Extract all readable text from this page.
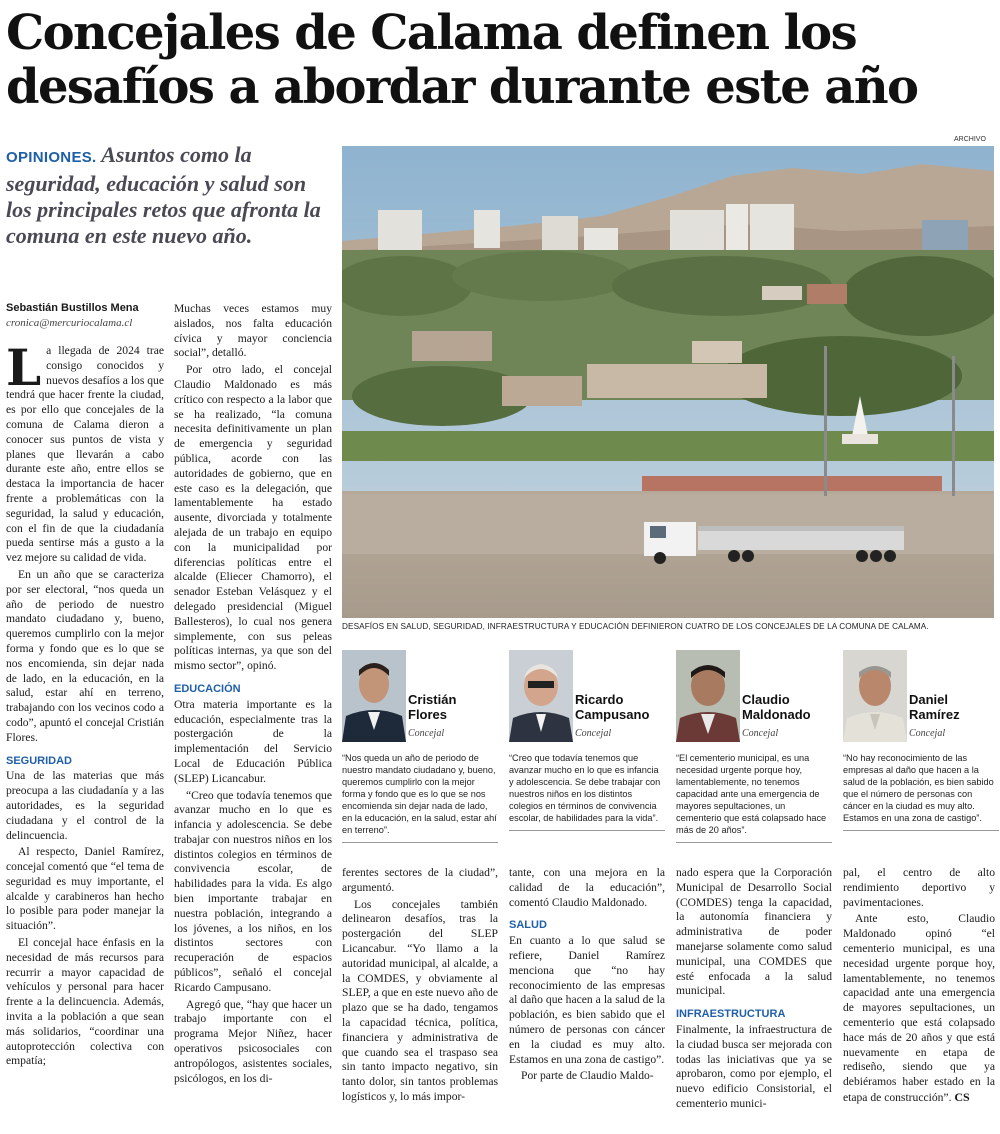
Concejales de Calama definen los desafíos a abordar durante este año
OPINIONES. Asuntos como la seguridad, educación y salud son los principales retos que afronta la comuna en este nuevo año.
Sebastián Bustillos Mena
cronica@mercuriocalama.cl

La llegada de 2024 trae consigo conocidos y nuevos desafíos a los que tendrá que hacer frente la ciudad, es por ello que concejales de la comuna de Calama dieron a conocer sus puntos de vista y planes que llevarán a cabo durante este año, entre ellos se destaca la importancia de hacer frente a problemáticas con la seguridad, la salud y educación, con el fin de que la ciudadanía pueda sentirse más a gusto a la vez mejore su calidad de vida.

En un año que se caracteriza por ser electoral, “nos queda un año de periodo de nuestro mandato ciudadano y, bueno, queremos cumplirlo con la mejor forma y fondo que es lo que se nos encomienda, sin dejar nada de lado, en la educación, en la salud, estar ahí en terreno, trabajando con los vecinos codo a codo”, apuntó el concejal Cristián Flores.

SEGURIDAD

Una de las materias que más preocupa a las ciudadanía y a las autoridades, es la seguridad ciudadana y el control de la delincuencia.

Al respecto, Daniel Ramírez, concejal comentó que “el tema de seguridad es muy importante, el alcalde y carabineros han hecho lo posible para poder manejar la situación”.

El concejal hace énfasis en la necesidad de más recursos para recurrir a mayor capacidad de vehículos y personal para hacer frente a la delincuencia. Además, invita a la población a que sean más solidarios, “coordinar una autoprotección colectiva con empatía;

Muchas veces estamos muy aislados, nos falta educación cívica y mayor conciencia social”, detalló.

Por otro lado, el concejal Claudio Maldonado es más crítico con respecto a la labor que se ha realizado, “la comuna necesita definitivamente un plan de emergencia y seguridad pública, acorde con las autoridades de gobierno, que en este caso es la delegación, que lamentablemente ha estado ausente, divorciada y totalmente alejada de un trabajo en equipo con la municipalidad por diferencias políticas entre el alcalde (Eliecer Chamorro), el senador Esteban Velásquez y el delegado presidencial (Miguel Ballesteros), lo cual nos genera simplemente, con sus peleas políticas internas, ya que son del mismo sector”, opinó.

EDUCACIÓN

Otra materia importante es la educación, especialmente tras la postergación de la implementación del Servicio Local de Educación Pública (SLEP) Licancabur.

“Creo que todavía tenemos que avanzar mucho en lo que es infancia y adolescencia. Se debe trabajar con nuestros niños en los distintos colegios en términos de convivencia escolar, de habilidades para la vida. Es algo bien importante trabajar en nuestra población, integrando a los jóvenes, a los niños, en los distintos sectores con recuperación de espacios públicos”, señaló el concejal Ricardo Campusano.

Agregó que, “hay que hacer un trabajo importante con el programa Mejor Niñez, hacer operativos psicosociales con antropólogos, asistentes sociales, psicólogos, en los di-

ARCHIVO
DESAFÍOS EN SALUD, SEGURIDAD, INFRAESTRUCTURA Y EDUCACIÓN DEFINIERON CUATRO DE LOS CONCEJALES DE LA COMUNA DE CALAMA.
Cristián
Flores
Concejal
Ricardo
Campusano
Concejal
Claudio
Maldonado
Concejal
Daniel
Ramírez
Concejal
“Nos queda un año de periodo de nuestro mandato ciudadano y, bueno, queremos cumplirlo con la mejor forma y fondo que es lo que se nos encomienda sin dejar nada de lado, en la educación, en la salud, estar ahí en terreno”.
“Creo que todavía tenemos que avanzar mucho en lo que es infancia y adolescencia. Se debe trabajar con nuestros niños en los distintos colegios en términos de convivencia escolar, de habilidades para la vida”.
“El cementerio municipal, es una necesidad urgente porque hoy, lamentablemente, no tenemos capacidad ante una emergencia de mayores sepultaciones, un cementerio que está colapsado hace más de 20 años”.
“No hay reconocimiento de las empresas al daño que hacen a la salud de la población, es bien sabido que el número de personas con cáncer en la ciudad es muy alto. Estamos en una zona de castigo”.

ferentes sectores de la ciudad”, argumentó.

Los concejales también delinearon desafíos, tras la postergación del SLEP Licancabur. “Yo llamo a la autoridad municipal, al alcalde, a la COMDES, y obviamente al SLEP, a que en este nuevo año de plazo que se ha dado, tengamos la capacidad técnica, política, financiera y administrativa de que cuando sea el traspaso sea sin tanto impacto negativo, sin tanto dolor, sin tantos problemas logísticos y, lo más impor-

tante, con una mejora en la calidad de la educación”, comentó Claudio Maldonado.

SALUD

En cuanto a lo que salud se refiere, Daniel Ramírez menciona que “no hay reconocimiento de las empresas al daño que hacen a la salud de la población, es bien sabido que el número de personas con cáncer en la ciudad es muy alto. Estamos en una zona de castigo”.

Por parte de Claudio Maldo-

nado espera que la Corporación Municipal de Desarrollo Social (COMDES) tenga la capacidad, la autonomía financiera y administrativa de poder manejarse solamente como salud municipal, una COMDES que esté enfocada a la salud municipal.

INFRAESTRUCTURA

Finalmente, la infraestructura de la ciudad busca ser mejorada con todas las iniciativas que ya se aprobaron, como por ejemplo, el nuevo edificio Consistorial, el cementerio munici-

pal, el centro de alto rendimiento deportivo y pavimentaciones.

Ante esto, Claudio Maldonado opinó “el cementerio municipal, es una necesidad urgente porque hoy, lamentablemente, no tenemos capacidad ante una emergencia de mayores sepultaciones, un cementerio que está colapsado hace más de 20 años y que está nuevamente en etapa de rediseño, siendo que ya debiéramos haber estado en la etapa de construcción”. CS
